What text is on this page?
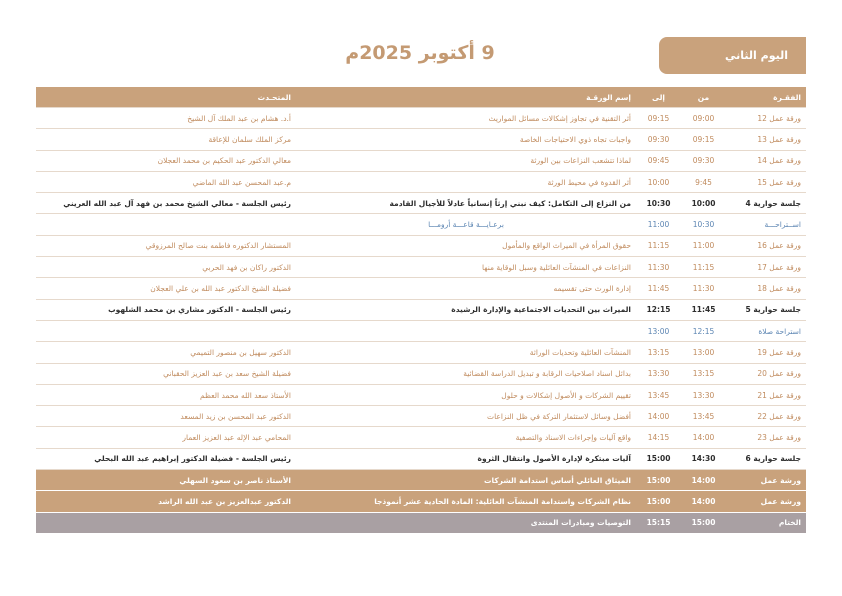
اليوم الثاني
9 أكتوبر 2025م
الفقـرة	من	إلى	إسم الورقـة	المتحـدث
ورقة عمل 12	09:00	09:15	أثر التقنية في تجاوز إشكالات مسائل المواريث	أ.د. هشام بن عبد الملك آل الشيخ
ورقة عمل 13	09:15	09:30	واجبات تجاه ذوي الاحتياجات الخاصة	مركز الملك سلمان للإعاقة
ورقة عمل 14	09:30	09:45	لماذا تتشعب النزاعات بين الورثة	معالي الدكتور عبد الحكيم بن محمد العجلان
ورقة عمل 15	9:45	10:00	أثر القدوة في محيط الورثة	م.عبد المحسن عبد الله الماضي
جلسة حوارية 4	10:00	10:30	من النزاع إلى التكامل: كيف نبني إرثاً إنسانياً عادلاً للأجيال القادمة	رئيس الجلسة - معالي الشيخ محمد بن فهد آل عبد الله العريني
اســتراحـــة	10:30	11:00	برعـايـــة قاعـــة أرومـــا	
ورقة عمل 16	11:00	11:15	حقوق المرأة في الميراث الواقع والمأمول	المستشار الدكتوره فاطمه بنت صالح المرزوقي
ورقة عمل 17	11:15	11:30	النزاعات في المنشآت العائلية وسبل الوقاية منها	الدكتور راكان بن فهد الحربي
ورقة عمل 18	11:30	11:45	إدارة الورث حتى تقسيمه	فضيلة الشيخ الدكتور عبد الله بن علي العجلان
جلسة حوارية 5	11:45	12:15	الميراث بين التحديات الاجتماعية والإدارة الرشيدة	رئيس الجلسة - الدكتور مشاري بن محمد الشلهوب
استراحة صلاة	12:15	13:00		
ورقة عمل 19	13:00	13:15	المنشآت العائلية وتحديات الوراثة	الدكتور سهيل بن منصور التميمي
ورقة عمل 20	13:15	13:30	بدائل اسناد اصلاحيات الرقابة و تبديل الدراسة القضائية	فضيلة الشيخ سعد بن عبد العزيز الحقباني
ورقة عمل 21	13:30	13:45	تقييم الشركات و الأصول إشكالات و حلول	الأستاذ سعد الله محمد العظم
ورقة عمل 22	13:45	14:00	أفضل وسائل لاستثمار التركة في ظل النزاعات	الدكتور عبد المحسن بن زيد المسعد
ورقة عمل 23	14:00	14:15	واقع آليات وإجراءات الاسناد والتصفية	المحامي عبد الإله عبد العزيز العمار
جلسة حوارية 6	14:30	15:00	آليات مبتكرة لإدارة الأصول وانتقال الثروة	رئيس الجلسة - فضيلة الدكتور إبراهيم عبد الله البحلي
ورشة عمل	14:00	15:00	الميثاق العائلي أساس استدامة الشركات	الأستاذ ناصر بن سعود السهلي
ورشة عمل	14:00	15:00	نظام الشركات واستدامة المنشآت العائلية: المادة الحادية عشر أنموذجا	الدكتور عبدالعزيز بن عبد الله الراشد
الختام	15:00	15:15	التوصيات ومبادرات المنتدى	
